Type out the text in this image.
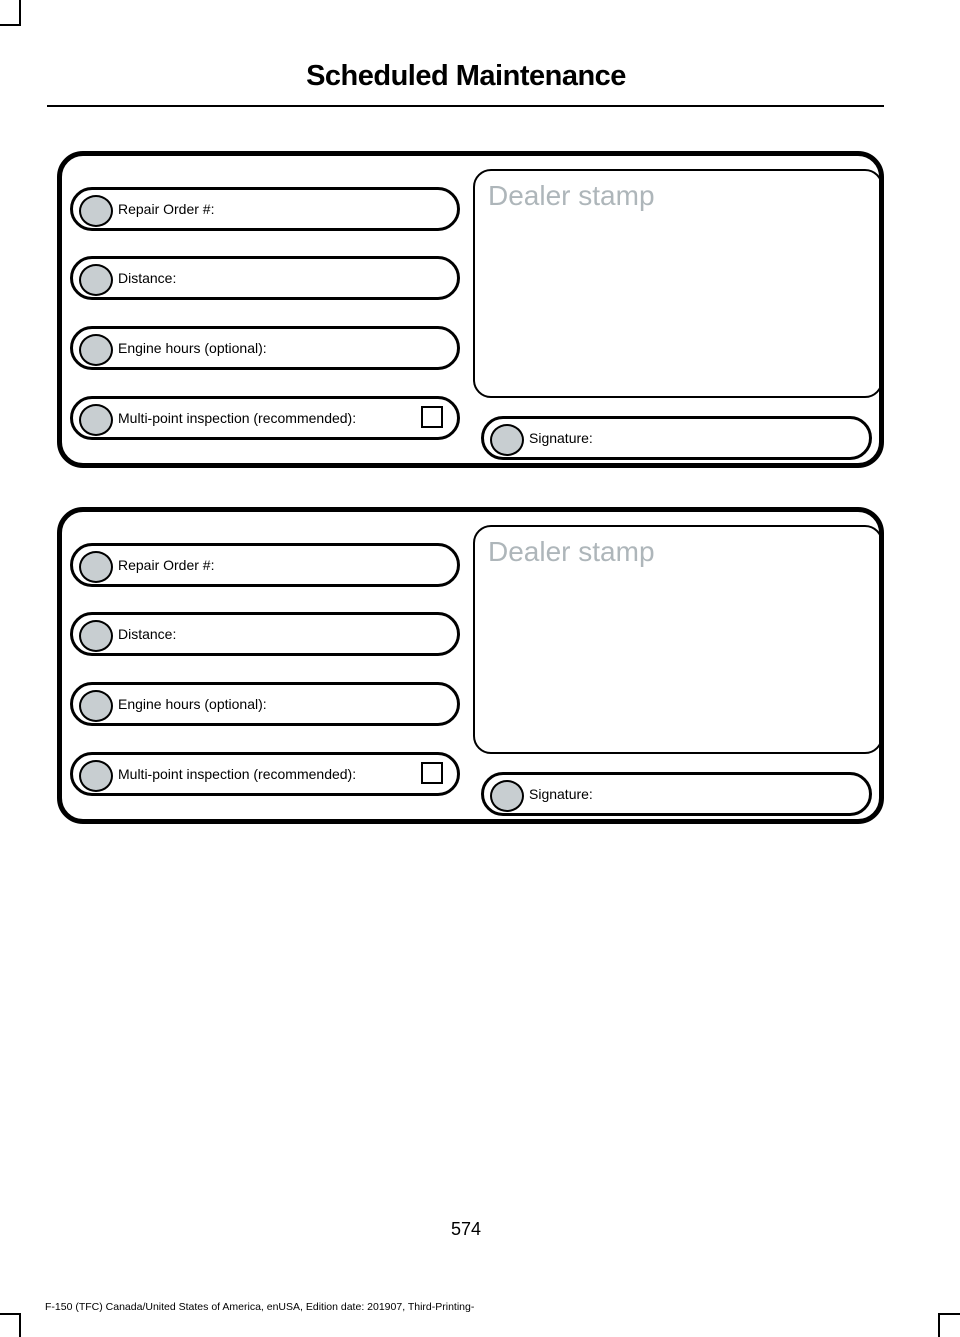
Scheduled Maintenance
Repair Order #:
Distance:
Engine hours (optional):
Multi-point inspection (recommended):
Dealer stamp
Signature:
Repair Order #:
Distance:
Engine hours (optional):
Multi-point inspection (recommended):
Dealer stamp
Signature:
574
F-150 (TFC) Canada/United States of America, enUSA, Edition date: 201907, Third-Printing-
